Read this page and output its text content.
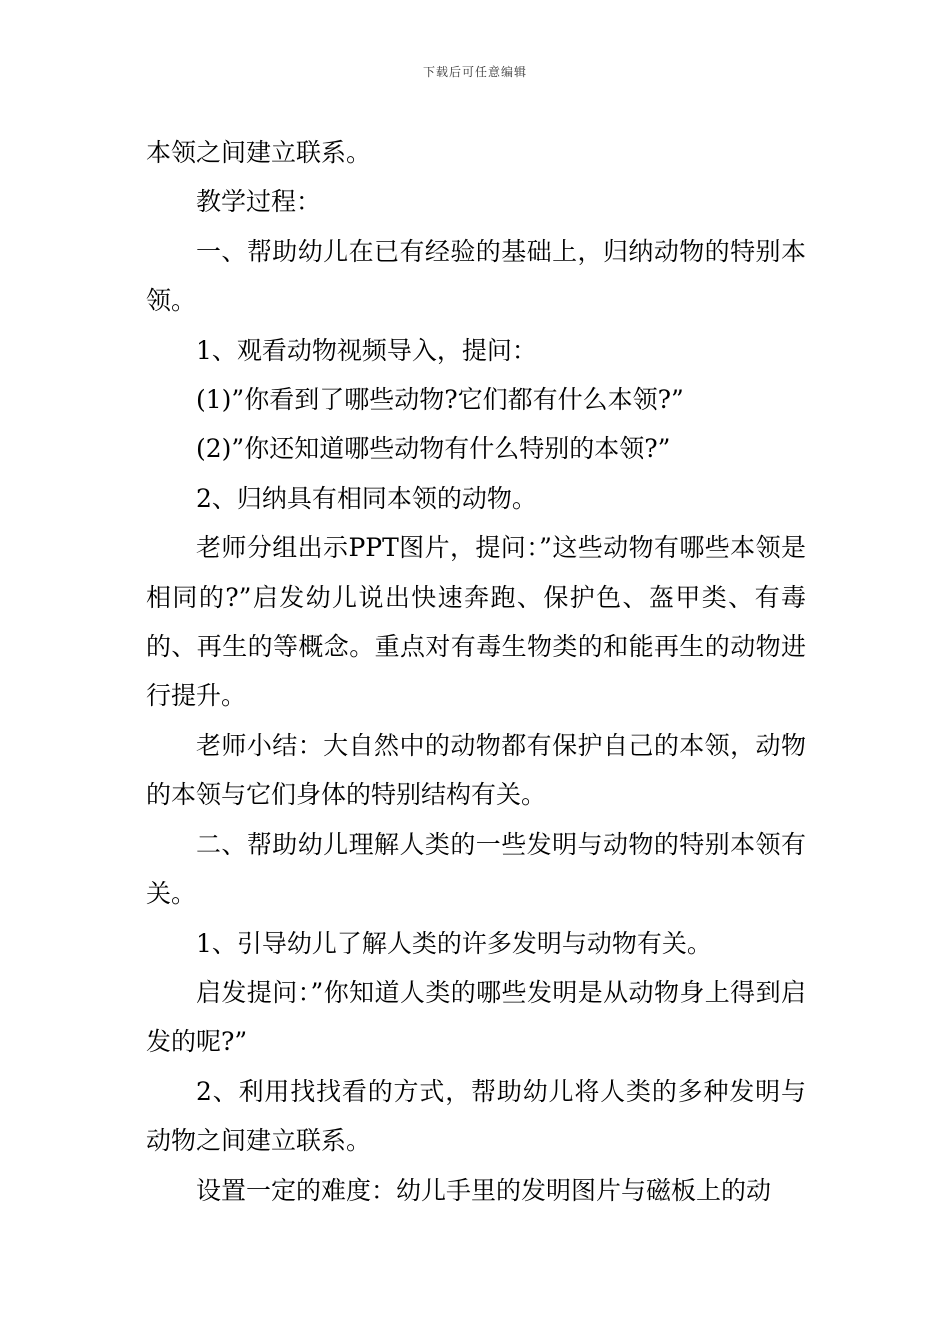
下载后可任意编辑

本领之间建立联系。

教学过程：

一、帮助幼儿在已有经验的基础上，归纳动物的特别本领。

1、观看动物视频导入，提问：

(1)”你看到了哪些动物?它们都有什么本领?”

(2)”你还知道哪些动物有什么特别的本领?”

2、归纳具有相同本领的动物。

老师分组出示PPT图片，提问：”这些动物有哪些本领是相同的?”启发幼儿说出快速奔跑、保护色、盔甲类、有毒的、再生的等概念。重点对有毒生物类的和能再生的动物进行提升。

老师小结：大自然中的动物都有保护自己的本领，动物的本领与它们身体的特别结构有关。

二、帮助幼儿理解人类的一些发明与动物的特别本领有关。

1、引导幼儿了解人类的许多发明与动物有关。

启发提问：”你知道人类的哪些发明是从动物身上得到启发的呢?”

2、利用找找看的方式，帮助幼儿将人类的多种发明与动物之间建立联系。

设置一定的难度：幼儿手里的发明图片与磁板上的动
